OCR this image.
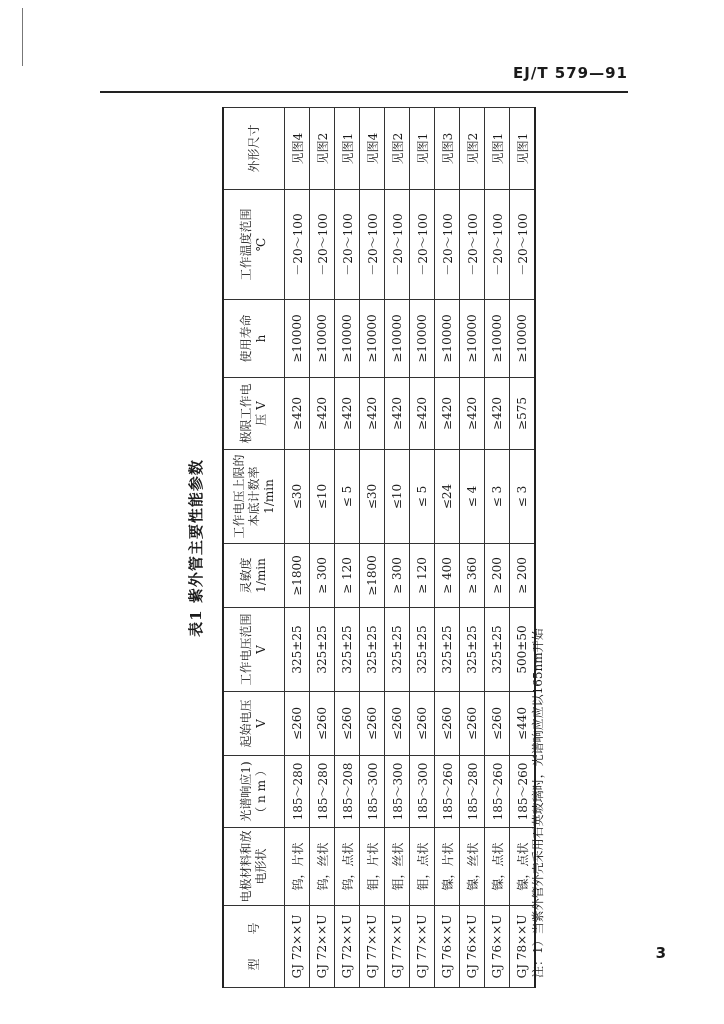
EJ/T 579—91
表1 紫外管主要性能参数
型　　号	电极材料和放电形状	光谱响应1) （ n m ）	起始电压 V	工作电压范围 V	灵敏度 1/min	工作电压上限的本底计数率1/min	极限工作电压 V	使用寿命 h	工作温度范围 ℃	外形尺寸
GJ 72××U	钨，片状	185～280	≤260	325±25	≥1800	≤30	≥420	≥10000	－20～100	见图4
GJ 72××U	钨，丝状	185～280	≤260	325±25	≥ 300	≤10	≥420	≥10000	－20～100	见图2
GJ 72××U	钨，点状	185～208	≤260	325±25	≥ 120	≤ 5	≥420	≥10000	－20～100	见图1
GJ 77××U	钼，片状	185～300	≤260	325±25	≥1800	≤30	≥420	≥10000	－20～100	见图4
GJ 77××U	钼，丝状	185～300	≤260	325±25	≥ 300	≤10	≥420	≥10000	－20～100	见图2
GJ 77××U	钼，点状	185～300	≤260	325±25	≥ 120	≤ 5	≥420	≥10000	－20～100	见图1
GJ 76××U	镍，片状	185～260	≤260	325±25	≥ 400	≤24	≥420	≥10000	－20～100	见图3
GJ 76××U	镍，丝状	185～280	≤260	325±25	≥ 360	≤ 4	≥420	≥10000	－20～100	见图2
GJ 76××U	镍，点状	185～260	≤260	325±25	≥ 200	≤ 3	≥420	≥10000	－20～100	见图1
GJ 78××U	镍，点状	185～260	≤440	500±50	≥ 200	≤ 3	≥575	≥10000	－20～100	见图1
注：1）当紫外管外壳采用石英玻璃时，光谱响应应以165nm开始	3
